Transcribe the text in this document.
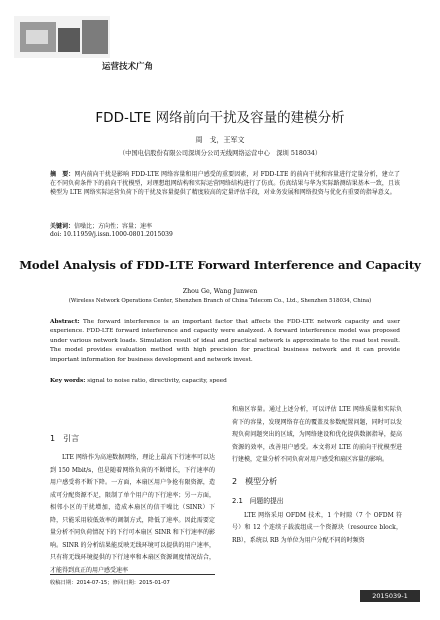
运营技术广角
FDD-LTE 网络前向干扰及容量的建模分析
周　戈，王军文
（中国电信股份有限公司深圳分公司无线网络运营中心　深圳 518034）
摘　要：网内前向干扰是影响 FDD-LTE 网络容量和用户感受的重要因素，对 FDD-LTE 的前向干扰和容量进行定量分析，建立了在不同负荷条件下的前向干扰模型，对理想组网结构和实际运营网络结构进行了仿真。仿真结果与华为实际路测结果基本一致，且该模型为 LTE 网络实际运营负荷下的干扰及容量提供了精度较高的定量评估手段，对业务发展和网络投资与优化有重要的指导意义。
关键词：信噪比；方向性；容量；速率
doi: 10.11959/j.issn.1000-0801.2015039
Model Analysis of FDD-LTE Forward Interference and Capacity
Zhou Ge, Wang Junwen
(Wireless Network Operations Center, Shenzhen Branch of China Telecom Co., Ltd., Shenzhen 518034, China)
Abstract: The forward interference is an important factor that affects the FDD-LTE network capacity and user experience. FDD-LTE forward interference and capacity were analyzed. A forward interference model was proposed under various network loads. Simulation result of ideal and practical network is approximate to the road test result. The model provides evaluation method with high precision for practical business network and it can provide important information for business development and network invest.
Key words: signal to noise ratio, directivity, capacity, speed
1　引言

LTE 网络作为高速数据网络，理论上最高下行速率可以达到 150 Mbit/s，但是随着网络负荷的不断增长，下行速率的用户感受将不断下降。一方面，本扇区用户争抢有限资源，造成可分配资源不足，限制了单个用户的下行速率；另一方面，相邻小区的干扰增加，造成本扇区的信干噪比（SINR）下降，只能采用较低效率的调制方式，降低了速率。因此需要定量分析不同负荷情况下的下行可本扇区 SINR 和下行速率的影响。SINR 的分析结果能反映无线环境可以提供的用户速率，只有将无线环境提供的下行速率和本扇区资源调度情况结合，才能得到真正的用户感受速率

和扇区容量。通过上述分析，可以评估 LTE 网络质量和实际负荷下的容量，发现网络存在的覆盖及参数配置问题，同时可以发现负荷问题突出的区域，为网络建设和优化提供数据指导，提高资源的效率，改善用户感受。本文将对 LTE 的前向干扰模型进行建模，定量分析不同负荷对用户感受和扇区容量的影响。

2　模型分析
2.1　问题的提出

LTE 网络采用 OFDM 技术，1 个时隙（7 个 OFDM 符号）和 12 个连续子载波组成一个资源块（resource block，RB），系统以 RB 为单位为用户分配不同的时频资

收稿日期：2014-07-15；修回日期：2015-01-07
2015039-1
